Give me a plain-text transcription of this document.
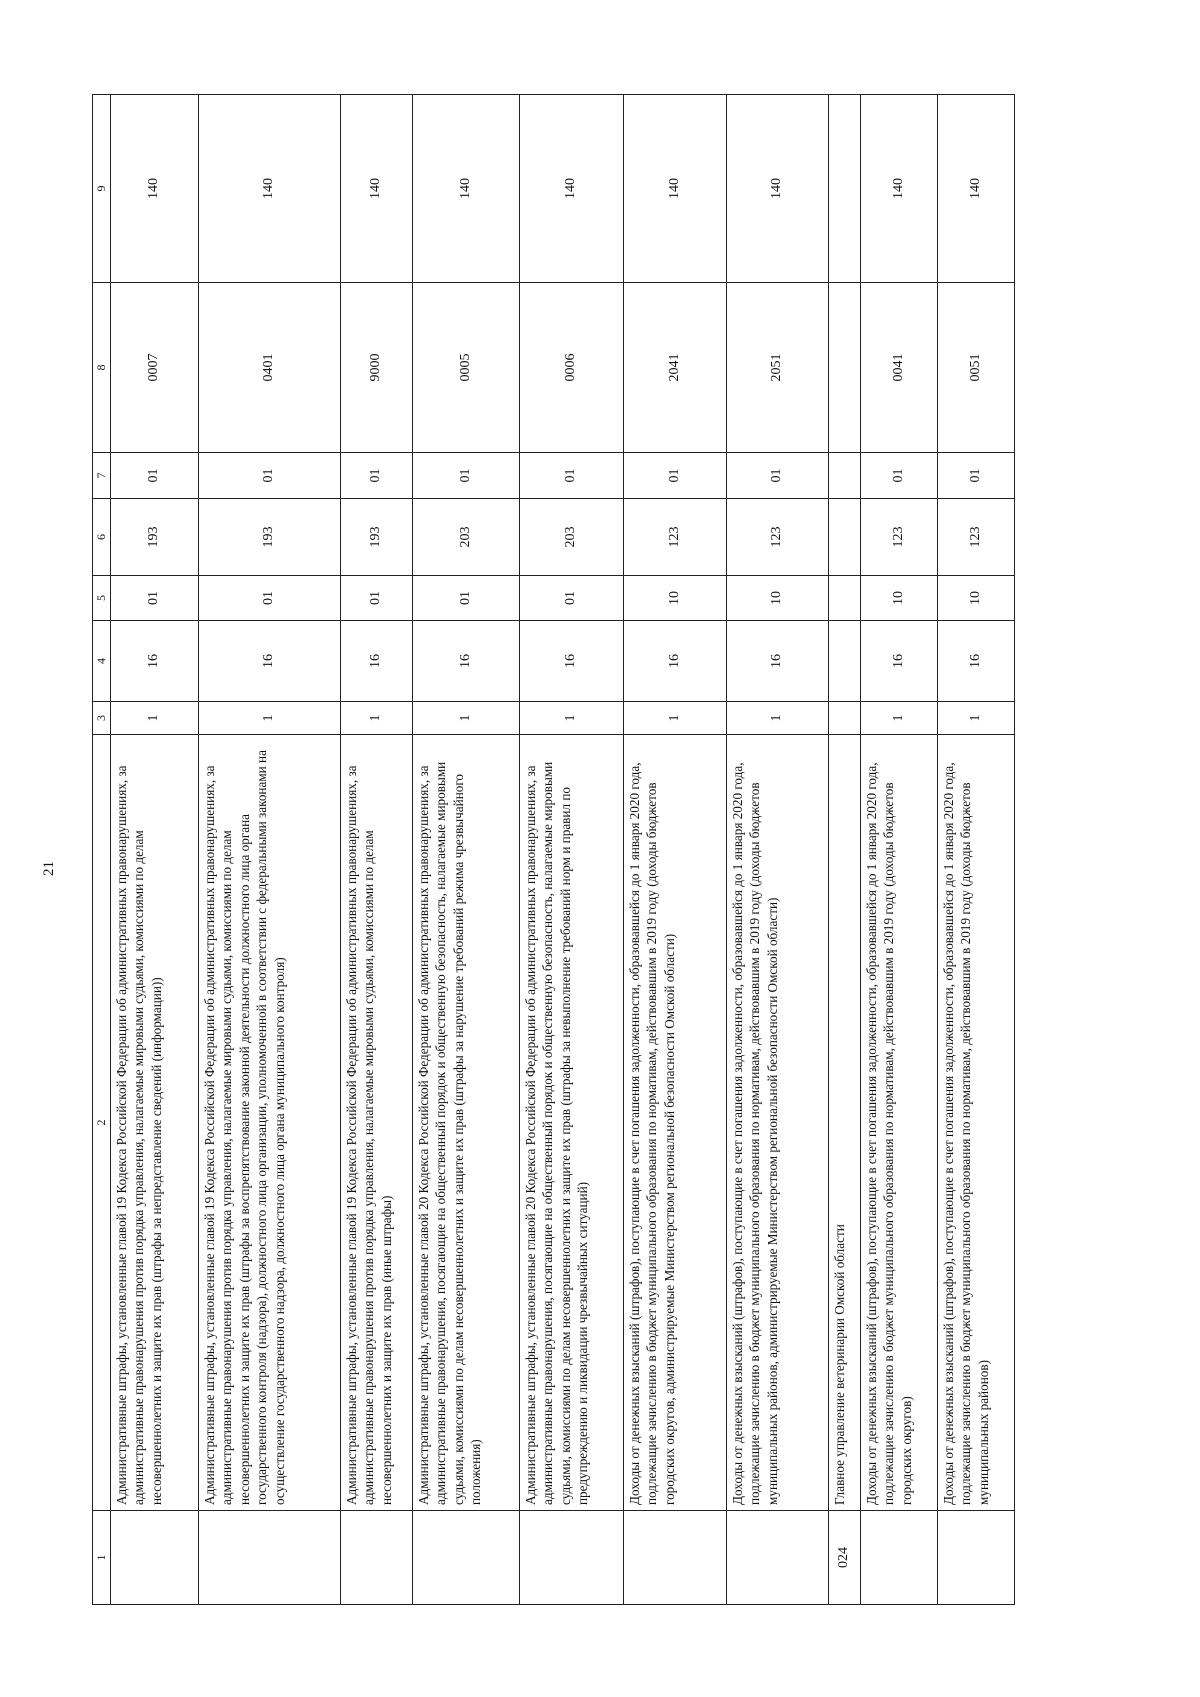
21
1	2	3	4	5	6	7	8	9
	Административные штрафы, установленные главой 19 Кодекса Российской Федерации об административных правонарушениях, за административные правонарушения против порядка управления, налагаемые мировыми судьями, комиссиями по делам несовершеннолетних и защите их прав (штрафы за непредставление сведений (информации))	1	16	01	193	01	0007	140
	Административные штрафы, установленные главой 19 Кодекса Российской Федерации об административных правонарушениях, за административные правонарушения против порядка управления, налагаемые мировыми судьями, комиссиями по делам несовершеннолетних и защите их прав (штрафы за воспрепятствование законной деятельности должностного лица органа государственного контроля (надзора), должностного лица организации, уполномоченной в соответствии с федеральными законами на осуществление государственного надзора, должностного лица органа муниципального контроля)	1	16	01	193	01	0401	140
	Административные штрафы, установленные главой 19 Кодекса Российской Федерации об административных правонарушениях, за административные правонарушения против порядка управления, налагаемые мировыми судьями, комиссиями по делам несовершеннолетних и защите их прав (иные штрафы)	1	16	01	193	01	9000	140
	Административные штрафы, установленные главой 20 Кодекса Российской Федерации об административных правонарушениях, за административные правонарушения, посягающие на общественный порядок и общественную безопасность, налагаемые мировыми судьями, комиссиями по делам несовершеннолетних и защите их прав (штрафы за нарушение требований режима чрезвычайного положения)	1	16	01	203	01	0005	140
	Административные штрафы, установленные главой 20 Кодекса Российской Федерации об административных правонарушениях, за административные правонарушения, посягающие на общественный порядок и общественную безопасность, налагаемые мировыми судьями, комиссиями по делам несовершеннолетних и защите их прав (штрафы за невыполнение требований норм и правил по предупреждению и ликвидации чрезвычайных ситуаций)	1	16	01	203	01	0006	140
	Доходы от денежных взысканий (штрафов), поступающие в счет погашения задолженности, образовавшейся до 1 января 2020 года, подлежащие зачислению в бюджет муниципального образования по нормативам, действовавшим в 2019 году (доходы бюджетов городских округов, администрируемые Министерством региональной безопасности Омской области)	1	16	10	123	01	2041	140
	Доходы от денежных взысканий (штрафов), поступающие в счет погашения задолженности, образовавшейся до 1 января 2020 года, подлежащие зачислению в бюджет муниципального образования по нормативам, действовавшим в 2019 году (доходы бюджетов муниципальных районов, администрируемые Министерством региональной безопасности Омской области)	1	16	10	123	01	2051	140
024	Главное управление ветеринарии Омской области							
	Доходы от денежных взысканий (штрафов), поступающие в счет погашения задолженности, образовавшейся до 1 января 2020 года, подлежащие зачислению в бюджет муниципального образования по нормативам, действовавшим в 2019 году (доходы бюджетов городских округов)	1	16	10	123	01	0041	140
	Доходы от денежных взысканий (штрафов), поступающие в счет погашения задолженности, образовавшейся до 1 января 2020 года, подлежащие зачислению в бюджет муниципального образования по нормативам, действовавшим в 2019 году (доходы бюджетов муниципальных районов)	1	16	10	123	01	0051	140
